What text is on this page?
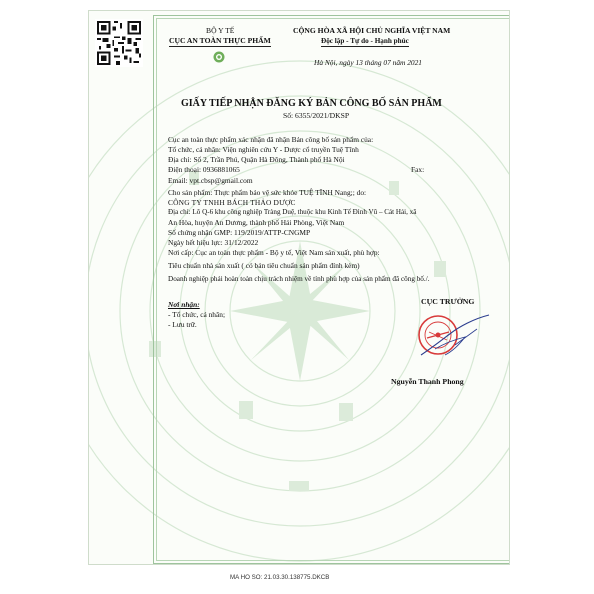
BỘ Y TẾ
CỤC AN TOÀN THỰC PHẨM
CỘNG HÒA XÃ HỘI CHỦ NGHĨA VIỆT NAM
Độc lập - Tự do - Hạnh phúc
Hà Nội, ngày 13 tháng 07 năm 2021
GIẤY TIẾP NHẬN ĐĂNG KÝ BẢN CÔNG BỐ SẢN PHẨM
Số: 6355/2021/DKSP
Cục an toàn thực phẩm xác nhận đã nhận Bản công bố sản phẩm của:
Tổ chức, cá nhân: Viện nghiên cứu Y - Dược cổ truyền Tuệ Tĩnh
Địa chỉ: Số 2, Trần Phú, Quận Hà Đông, Thành phố Hà Nội
Điện thoại: 0936881065	Fax:
Email: vpt.cbsp@gmail.com
Cho sản phẩm: Thực phẩm bảo vệ sức khỏe TUỆ TĨNH Nang;; do:
CÔNG TY TNHH BÁCH THẢO DƯỢC
Địa chỉ: Lô Q-6 khu công nghiệp Tràng Duệ, thuộc khu Kinh Tế Đình Vũ – Cát Hải, xã
An Hòa, huyện An Dương, thành phố Hải Phòng, Việt Nam
Số chứng nhận GMP: 119/2019/ATTP-CNGMP
Ngày hết hiệu lực: 31/12/2022
Nơi cấp: Cục an toàn thực phẩm - Bộ y tế, Việt Nam sản xuất, phù hợp:
Tiêu chuẩn nhà sản xuất ( có bản tiêu chuẩn sản phẩm đính kèm)
Doanh nghiệp phải hoàn toàn chịu trách nhiệm về tính phù hợp của sản phẩm đã công bố./.
Nơi nhận:
- Tổ chức, cá nhân;
- Lưu trữ.
CỤC TRƯỞNG
Nguyễn Thanh Phong
MA HO SO: 21.03.30.138775.DKCB
